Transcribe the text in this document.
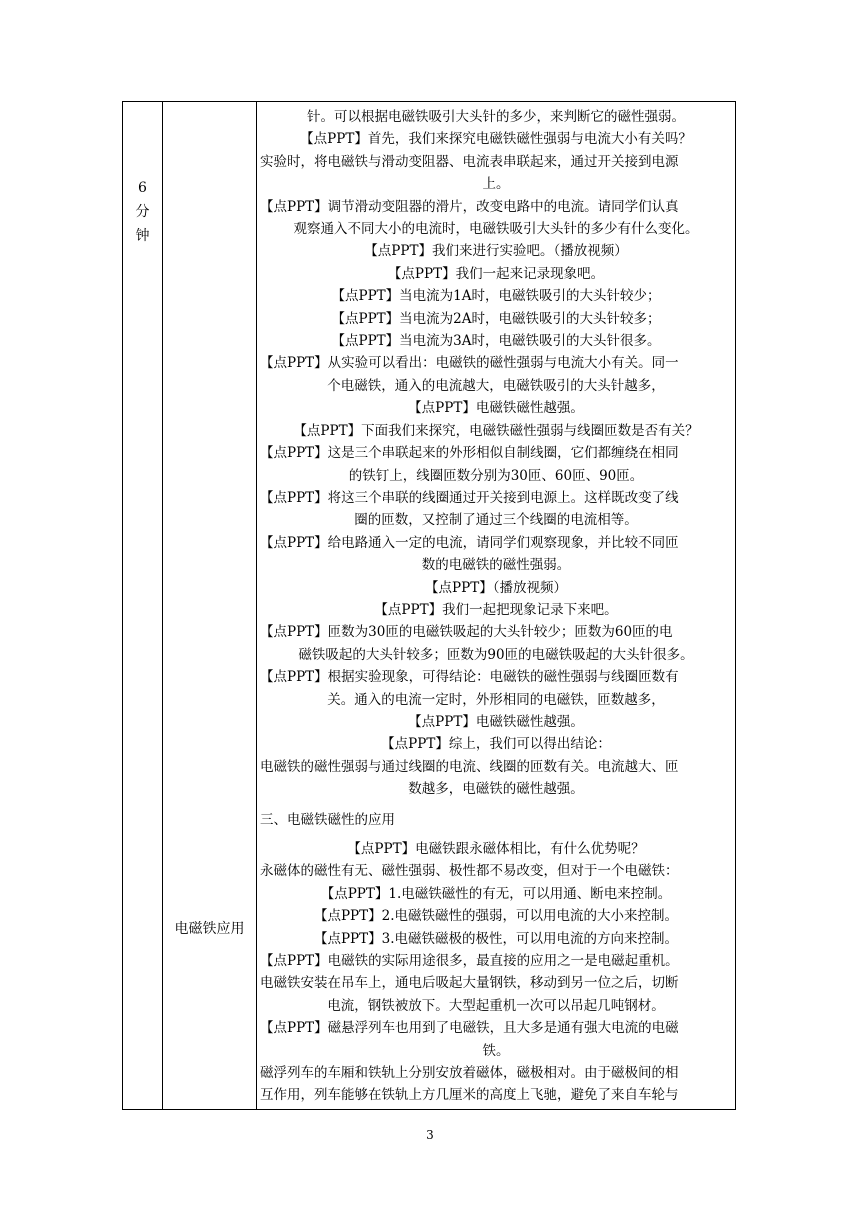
6
分
钟
电磁铁应用

针。可以根据电磁铁吸引大头针的多少，来判断它的磁性强弱。

【点PPT】首先，我们来探究电磁铁磁性强弱与电流大小有关吗？

实验时，将电磁铁与滑动变阻器、电流表串联起来，通过开关接到电源

上。

【点PPT】调节滑动变阻器的滑片，改变电路中的电流。请同学们认真

观察通入不同大小的电流时，电磁铁吸引大头针的多少有什么变化。

【点PPT】我们来进行实验吧。（播放视频）

【点PPT】我们一起来记录现象吧。

【点PPT】当电流为1A时，电磁铁吸引的大头针较少；

【点PPT】当电流为2A时，电磁铁吸引的大头针较多；

【点PPT】当电流为3A时，电磁铁吸引的大头针很多。

【点PPT】从实验可以看出：电磁铁的磁性强弱与电流大小有关。同一

个电磁铁，通入的电流越大，电磁铁吸引的大头针越多，

【点PPT】电磁铁磁性越强。

【点PPT】下面我们来探究，电磁铁磁性强弱与线圈匝数是否有关？

【点PPT】这是三个串联起来的外形相似自制线圈，它们都缠绕在相同

的铁钉上，线圈匝数分别为30匝、60匝、90匝。

【点PPT】将这三个串联的线圈通过开关接到电源上。这样既改变了线

圈的匝数，又控制了通过三个线圈的电流相等。

【点PPT】给电路通入一定的电流，请同学们观察现象，并比较不同匝

数的电磁铁的磁性强弱。

【点PPT】（播放视频）

【点PPT】我们一起把现象记录下来吧。

【点PPT】匝数为30匝的电磁铁吸起的大头针较少；匝数为60匝的电

磁铁吸起的大头针较多；匝数为90匝的电磁铁吸起的大头针很多。

【点PPT】根据实验现象，可得结论：电磁铁的磁性强弱与线圈匝数有

关。通入的电流一定时，外形相同的电磁铁，匝数越多，

【点PPT】电磁铁磁性越强。

【点PPT】综上，我们可以得出结论：

电磁铁的磁性强弱与通过线圈的电流、线圈的匝数有关。电流越大、匝

数越多，电磁铁的磁性越强。

三、电磁铁磁性的应用

【点PPT】电磁铁跟永磁体相比，有什么优势呢？

永磁体的磁性有无、磁性强弱、极性都不易改变，但对于一个电磁铁：

【点PPT】1.电磁铁磁性的有无，可以用通、断电来控制。

【点PPT】2.电磁铁磁性的强弱，可以用电流的大小来控制。

【点PPT】3.电磁铁磁极的极性，可以用电流的方向来控制。

【点PPT】电磁铁的实际用途很多，最直接的应用之一是电磁起重机。

电磁铁安装在吊车上，通电后吸起大量钢铁，移动到另一位之后，切断

电流，钢铁被放下。大型起重机一次可以吊起几吨钢材。

【点PPT】磁悬浮列车也用到了电磁铁，且大多是通有强大电流的电磁

铁。

磁浮列车的车厢和铁轨上分别安放着磁体，磁极相对。由于磁极间的相

互作用，列车能够在铁轨上方几厘米的高度上飞驰，避免了来自车轮与

3
